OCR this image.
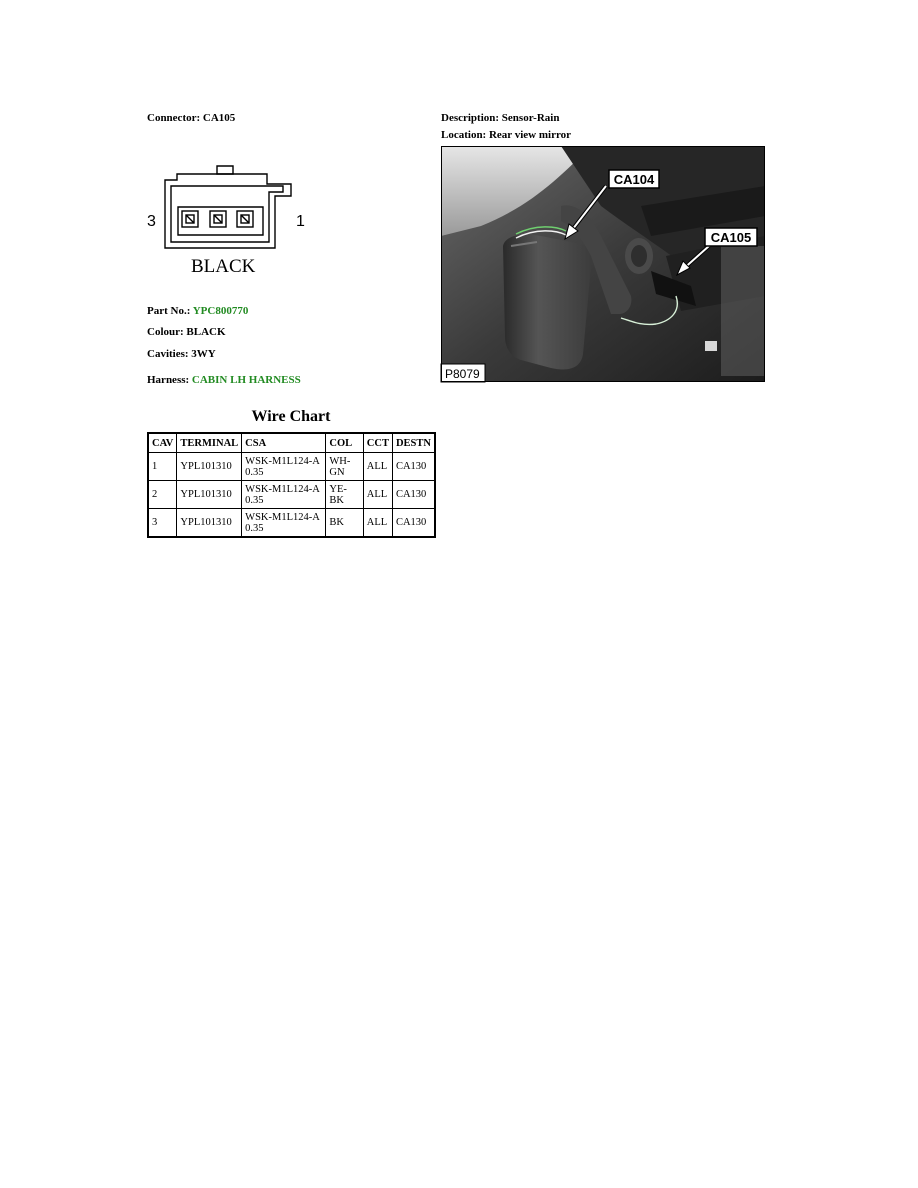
Connector: CA105	Description: Sensor-Rain
Location: Rear view mirror
3	1
BLACK
CA104
CA105
P8079
Part No.: YPC800770
Colour: BLACK
Cavities: 3WY
Harness: CABIN LH HARNESS
Wire Chart
CAV	TERMINAL	CSA	COL	CCT	DESTN
1	YPL101310	WSK-M1L124-A 0.35	WH-GN	ALL	CA130
2	YPL101310	WSK-M1L124-A 0.35	YE-BK	ALL	CA130
3	YPL101310	WSK-M1L124-A 0.35	BK	ALL	CA130
